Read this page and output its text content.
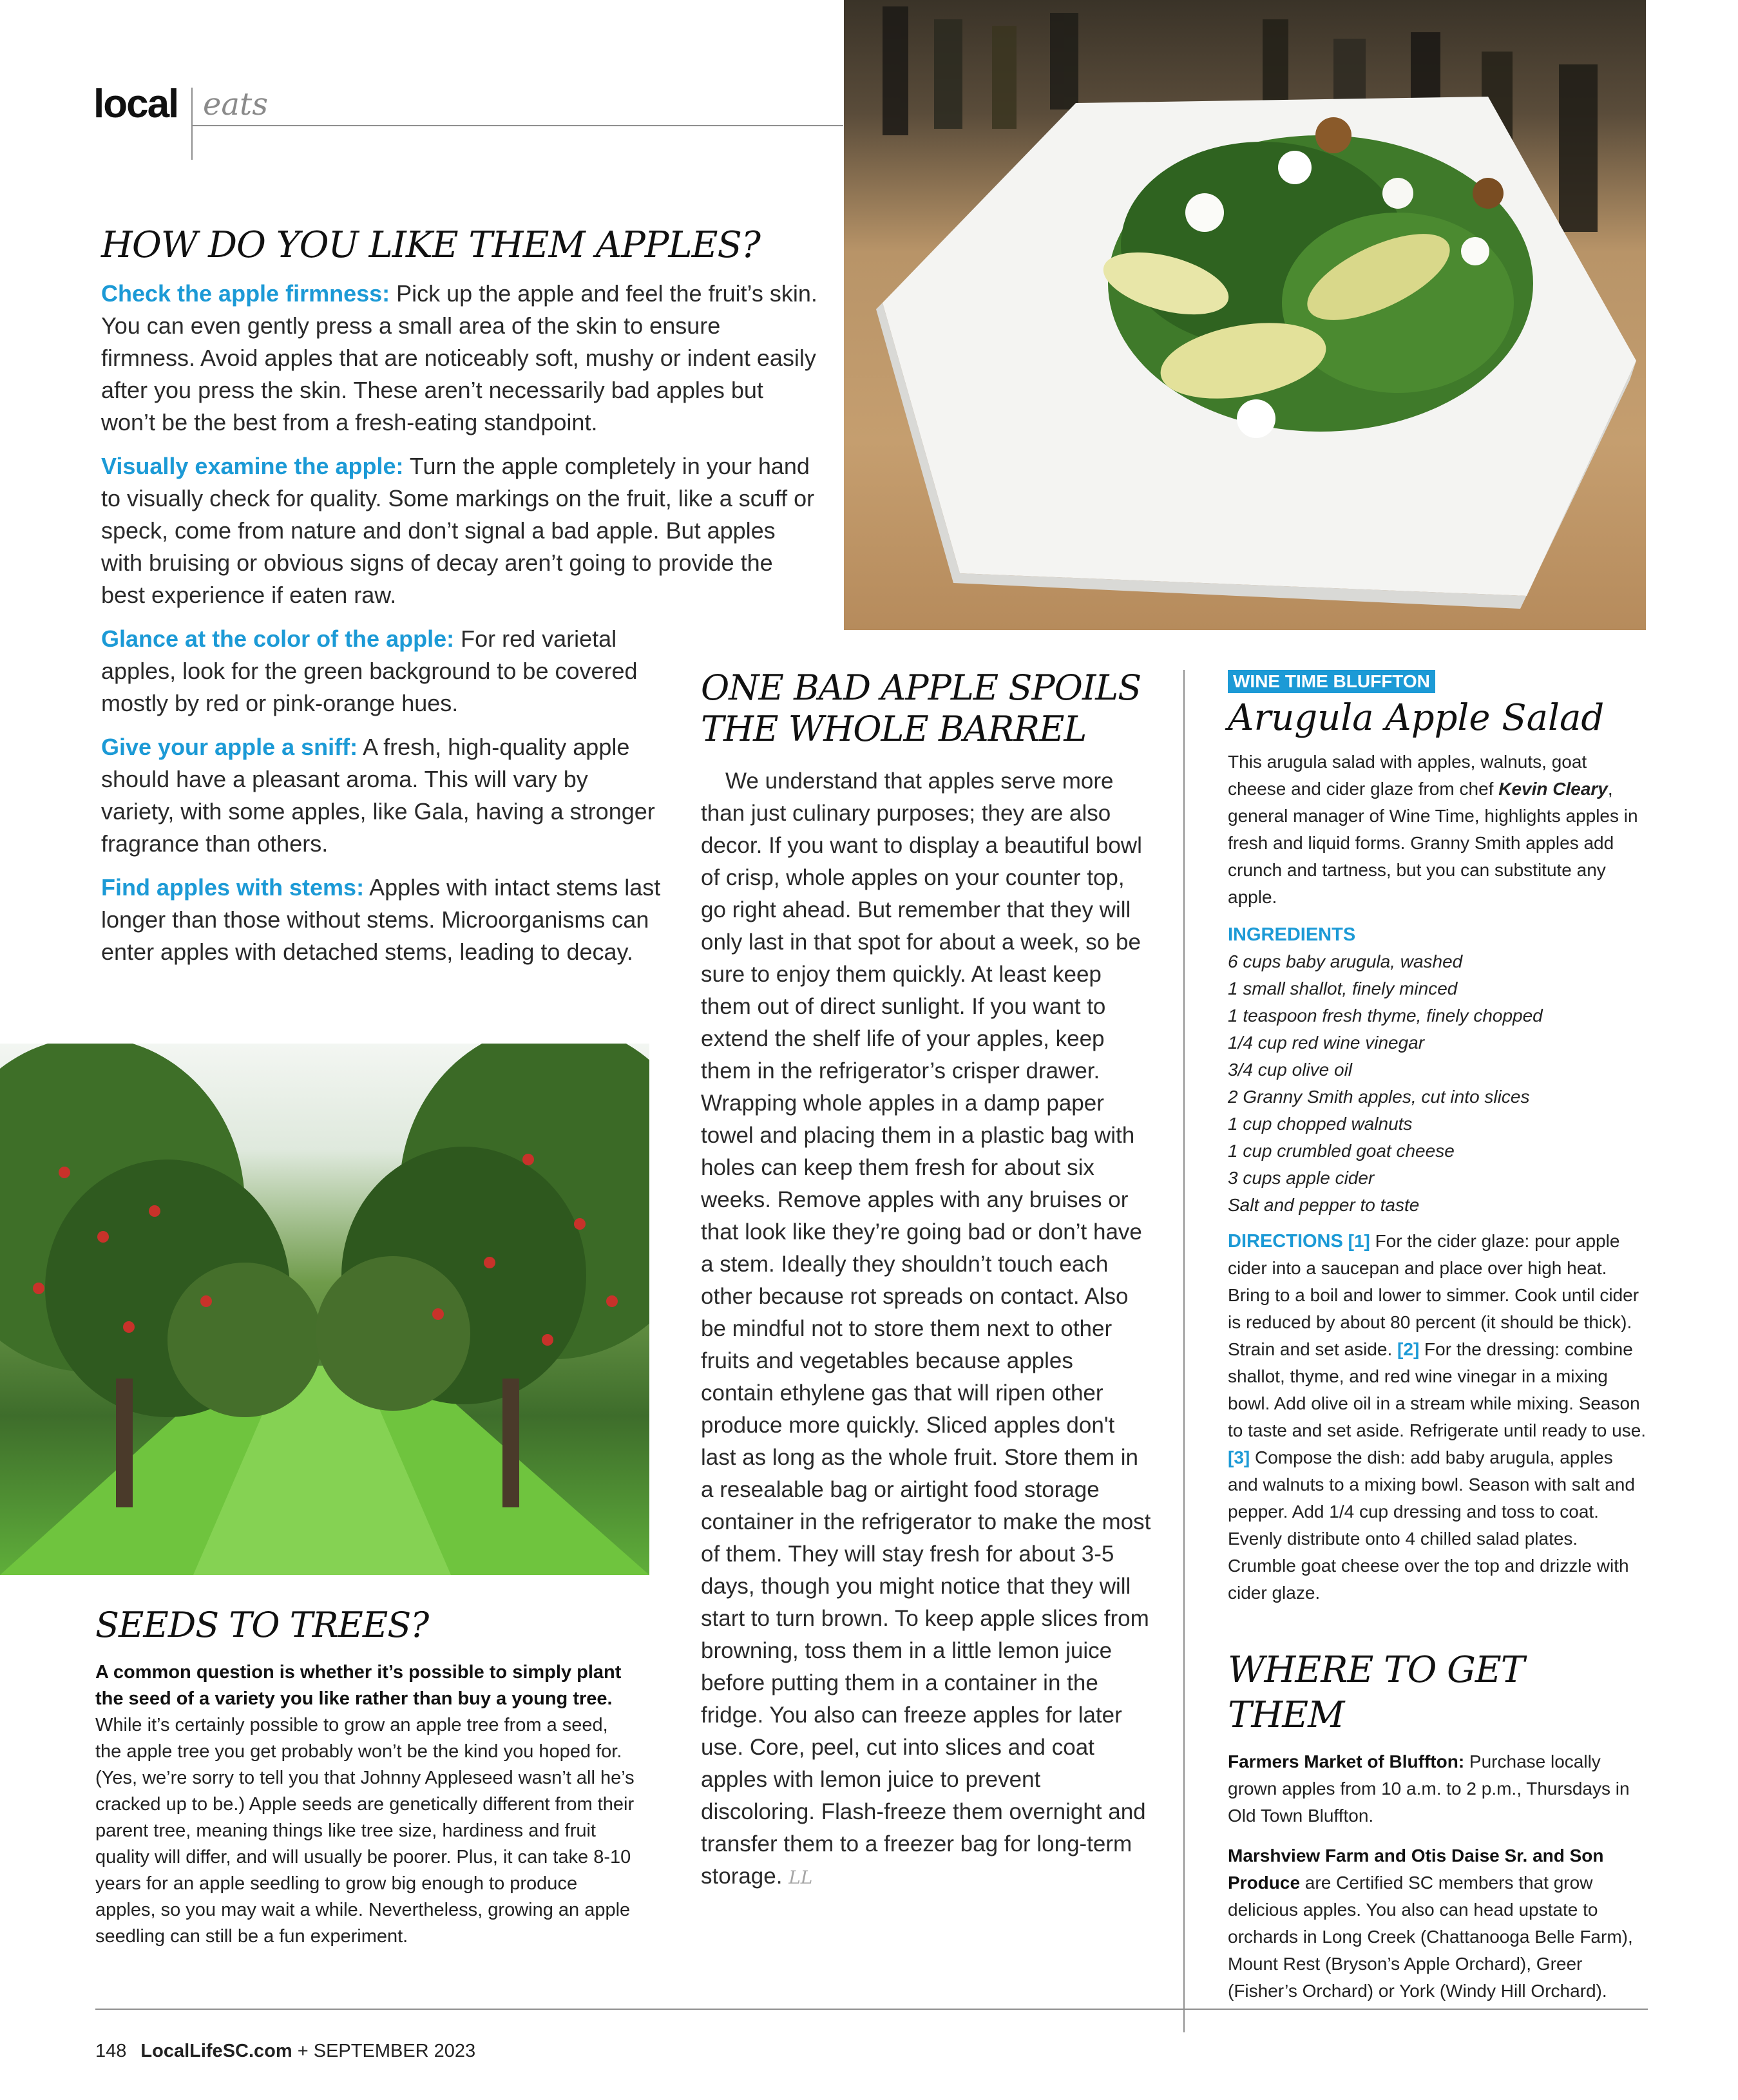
local eats
HOW DO YOU LIKE THEM APPLES?

Check the apple firmness: Pick up the apple and feel the fruit’s skin. You can even gently press a small area of the skin to ensure firmness. Avoid apples that are noticeably soft, mushy or indent easily after you press the skin. These aren’t necessarily bad apples but won’t be the best from a fresh-eating standpoint.

Visually examine the apple: Turn the apple completely in your hand to visually check for quality. Some markings on the fruit, like a scuff or speck, come from nature and don’t signal a bad apple. But apples with bruising or obvious signs of decay aren’t going to provide the best experience if eaten raw.

Glance at the color of the apple: For red varietal apples, look for the green background to be covered mostly by red or pink-orange hues.

Give your apple a sniff: A fresh, high-quality apple should have a pleasant aroma. This will vary by variety, with some apples, like Gala, having a stronger fragrance than others.

Find apples with stems: Apples with intact stems last longer than those without stems. Microorganisms can enter apples with detached stems, leading to decay.

SEEDS TO TREES?

A common question is whether it’s possible to simply plant the seed of a variety you like rather than buy a young tree. While it’s certainly possible to grow an apple tree from a seed, the apple tree you get probably won’t be the kind you hoped for. (Yes, we’re sorry to tell you that Johnny Appleseed wasn’t all he’s cracked up to be.) Apple seeds are genetically different from their parent tree, meaning things like tree size, hardiness and fruit quality will differ, and will usually be poorer. Plus, it can take 8-10 years for an apple seedling to grow big enough to produce apples, so you may wait a while. Nevertheless, growing an apple seedling can still be a fun experiment.

ONE BAD APPLE SPOILS THE WHOLE BARREL

We understand that apples serve more than just culinary purposes; they are also decor. If you want to display a beautiful bowl of crisp, whole apples on your counter top, go right ahead. But remember that they will only last in that spot for about a week, so be sure to enjoy them quickly. At least keep them out of direct sunlight. If you want to extend the shelf life of your apples, keep them in the refrigerator’s crisper drawer. Wrapping whole apples in a damp paper towel and placing them in a plastic bag with holes can keep them fresh for about six weeks. Remove apples with any bruises or that look like they’re going bad or don’t have a stem. Ideally they shouldn’t touch each other because rot spreads on contact. Also be mindful not to store them next to other fruits and vegetables because apples contain ethylene gas that will ripen other produce more quickly. Sliced apples don't last as long as the whole fruit. Store them in a resealable bag or airtight food storage container in the refrigerator to make the most of them. They will stay fresh for about 3-5 days, though you might notice that they will start to turn brown. To keep apple slices from browning, toss them in a little lemon juice before putting them in a container in the fridge. You also can freeze apples for later use. Core, peel, cut into slices and coat apples with lemon juice to prevent discoloring. Flash-freeze them overnight and transfer them to a freezer bag for long-term storage. LL

WINE TIME BLUFFTON
Arugula Apple Salad

This arugula salad with apples, walnuts, goat cheese and cider glaze from chef Kevin Cleary, general manager of Wine Time, highlights apples in fresh and liquid forms. Granny Smith apples add crunch and tartness, but you can substitute any apple.

INGREDIENTS

6 cups baby arugula, washed
1 small shallot, finely minced
1 teaspoon fresh thyme, finely chopped
1/4 cup red wine vinegar
3/4 cup olive oil
2 Granny Smith apples, cut into slices
1 cup chopped walnuts
1 cup crumbled goat cheese
3 cups apple cider
Salt and pepper to taste

DIRECTIONS [1] For the cider glaze: pour apple cider into a saucepan and place over high heat. Bring to a boil and lower to simmer. Cook until cider is reduced by about 80 percent (it should be thick). Strain and set aside. [2] For the dressing: combine shallot, thyme, and red wine vinegar in a mixing bowl. Add olive oil in a stream while mixing. Season to taste and set aside. Refrigerate until ready to use. [3] Compose the dish: add baby arugula, apples and walnuts to a mixing bowl. Season with salt and pepper. Add 1/4 cup dressing and toss to coat. Evenly distribute onto 4 chilled salad plates. Crumble goat cheese over the top and drizzle with cider glaze.

WHERE TO GET THEM

Farmers Market of Bluffton: Purchase locally grown apples from 10 a.m. to 2 p.m., Thursdays in Old Town Bluffton.

Marshview Farm and Otis Daise Sr. and Son Produce are Certified SC members that grow delicious apples. You also can head upstate to orchards in Long Creek (Chattanooga Belle Farm), Mount Rest (Bryson’s Apple Orchard), Greer (Fisher’s Orchard) or York (Windy Hill Orchard).

148 LocalLifeSC.com + SEPTEMBER 2023
